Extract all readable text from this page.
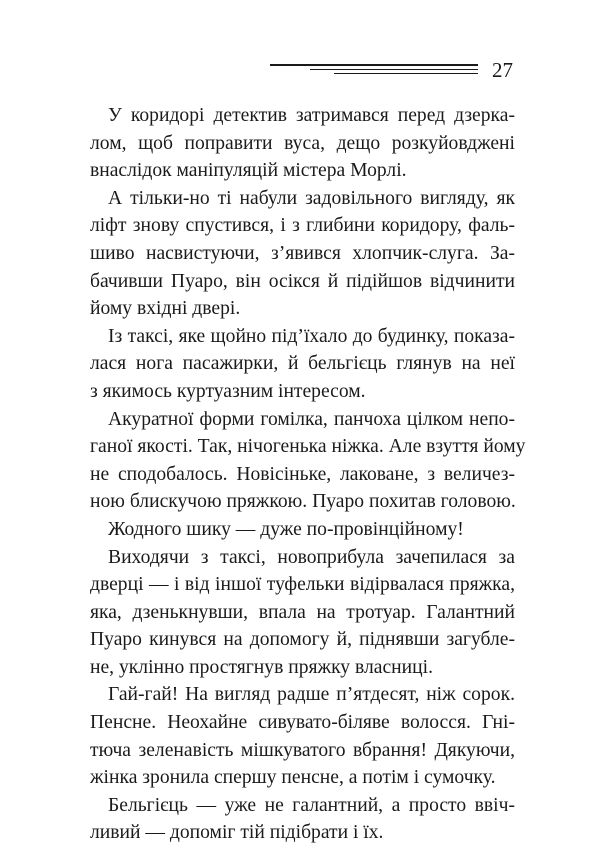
27
У коридорі детектив затримався перед дзерка-
лом, щоб поправити вуса, дещо розкуйовджені
внаслідок маніпуляцій містера Морлі.
А тільки-но ті набули задовільного вигляду, як
ліфт знову спустився, і з глибини коридору, фаль-
шиво насвистуючи, з’явився хлопчик-слуга. За-
бачивши Пуаро, він осікся й підійшов відчинити
йому вхідні двері.
Із таксі, яке щойно під’їхало до будинку, показа-
лася нога пасажирки, й бельгієць глянув на неї
з якимось куртуазним інтересом.
Акуратної форми гомілка, панчоха цілком непо-
ганої якості. Так, нічогенька ніжка. Але взуття йому
не сподобалось. Новісіньке, лаковане, з величез-
ною блискучою пряжкою. Пуаро похитав головою.
Жодного шику — дуже по-провінційному!
Виходячи з таксі, новоприбула зачепилася за
дверці — і від іншої туфельки відірвалася пряжка,
яка, дзенькнувши, впала на тротуар. Галантний
Пуаро кинувся на допомогу й, піднявши загубле-
не, уклінно простягнув пряжку власниці.
Гай-гай! На вигляд радше п’ятдесят, ніж сорок.
Пенсне. Неохайне сивувато-біляве волосся. Гні-
тюча зеленавість мішкуватого вбрання! Дякуючи,
жінка зронила спершу пенсне, а потім і сумочку.
Бельгієць — уже не галантний, а просто ввіч-
ливий — допоміг тій підібрати і їх.
